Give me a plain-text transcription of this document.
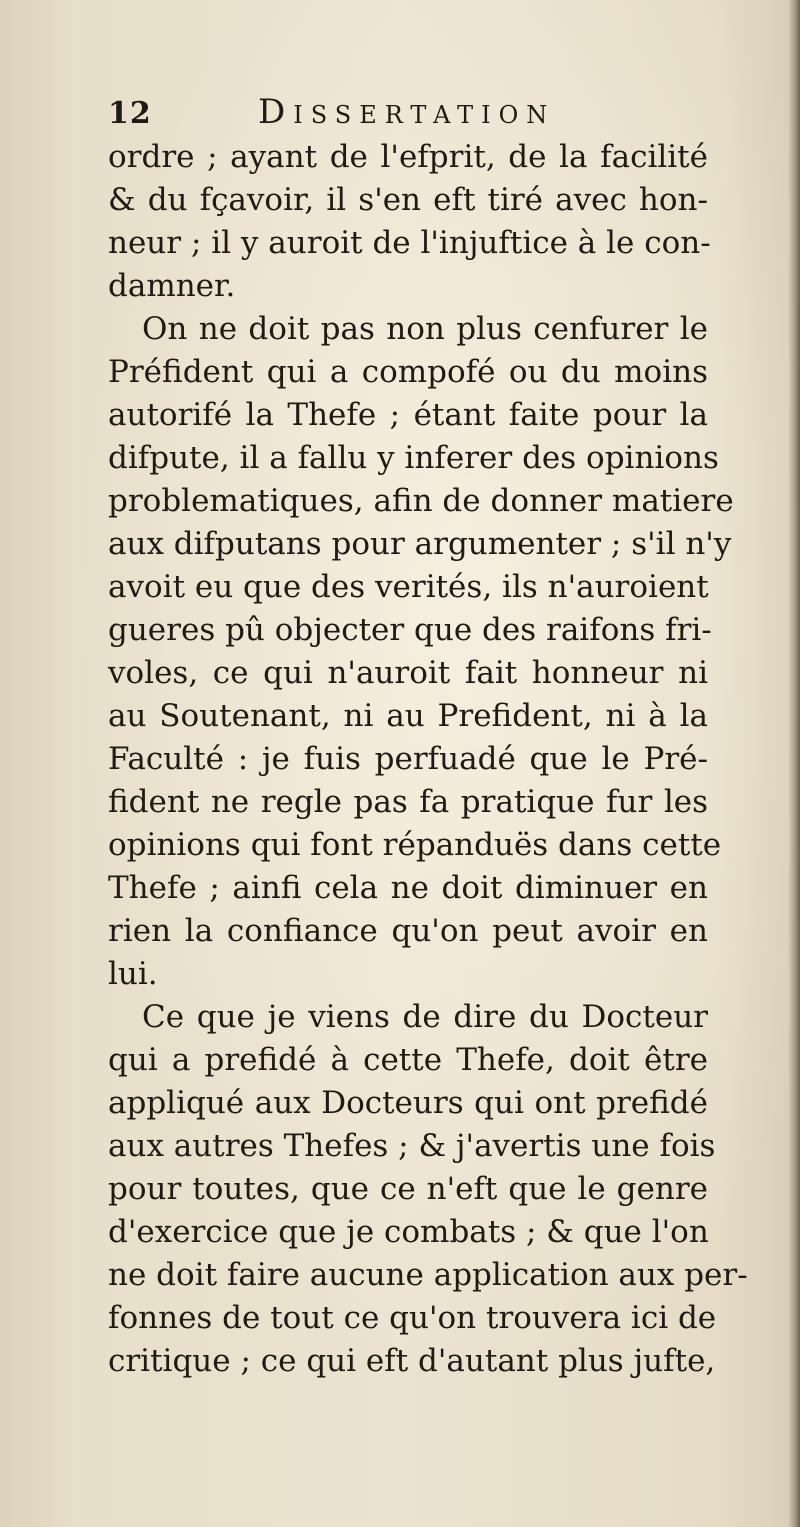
12	Dissertation
ordre ; ayant de l'efprit, de la facilité
& du fçavoir, il s'en eft tiré avec hon-
neur ; il y auroit de l'injuftice à le con-
damner.
On ne doit pas non plus cenfurer le
Préfident qui a compofé ou du moins
autorifé la Thefe ; étant faite pour la
difpute, il a fallu y inferer des opinions
problematiques, afin de donner matiere
aux difputans pour argumenter ; s'il n'y
avoit eu que des verités, ils n'auroient
gueres pû objecter que des raifons fri-
voles, ce qui n'auroit fait honneur ni
au Soutenant, ni au Prefident, ni à la
Faculté : je fuis perfuadé que le Pré-
fident ne regle pas fa pratique fur les
opinions qui font répanduës dans cette
Thefe ; ainfi cela ne doit diminuer en
rien la confiance qu'on peut avoir en
lui.
Ce que je viens de dire du Docteur
qui a prefidé à cette Thefe, doit être
appliqué aux Docteurs qui ont prefidé
aux autres Thefes ; & j'avertis une fois
pour toutes, que ce n'eft que le genre
d'exercice que je combats ; & que l'on
ne doit faire aucune application aux per-
fonnes de tout ce qu'on trouvera ici de
critique ; ce qui eft d'autant plus jufte,
